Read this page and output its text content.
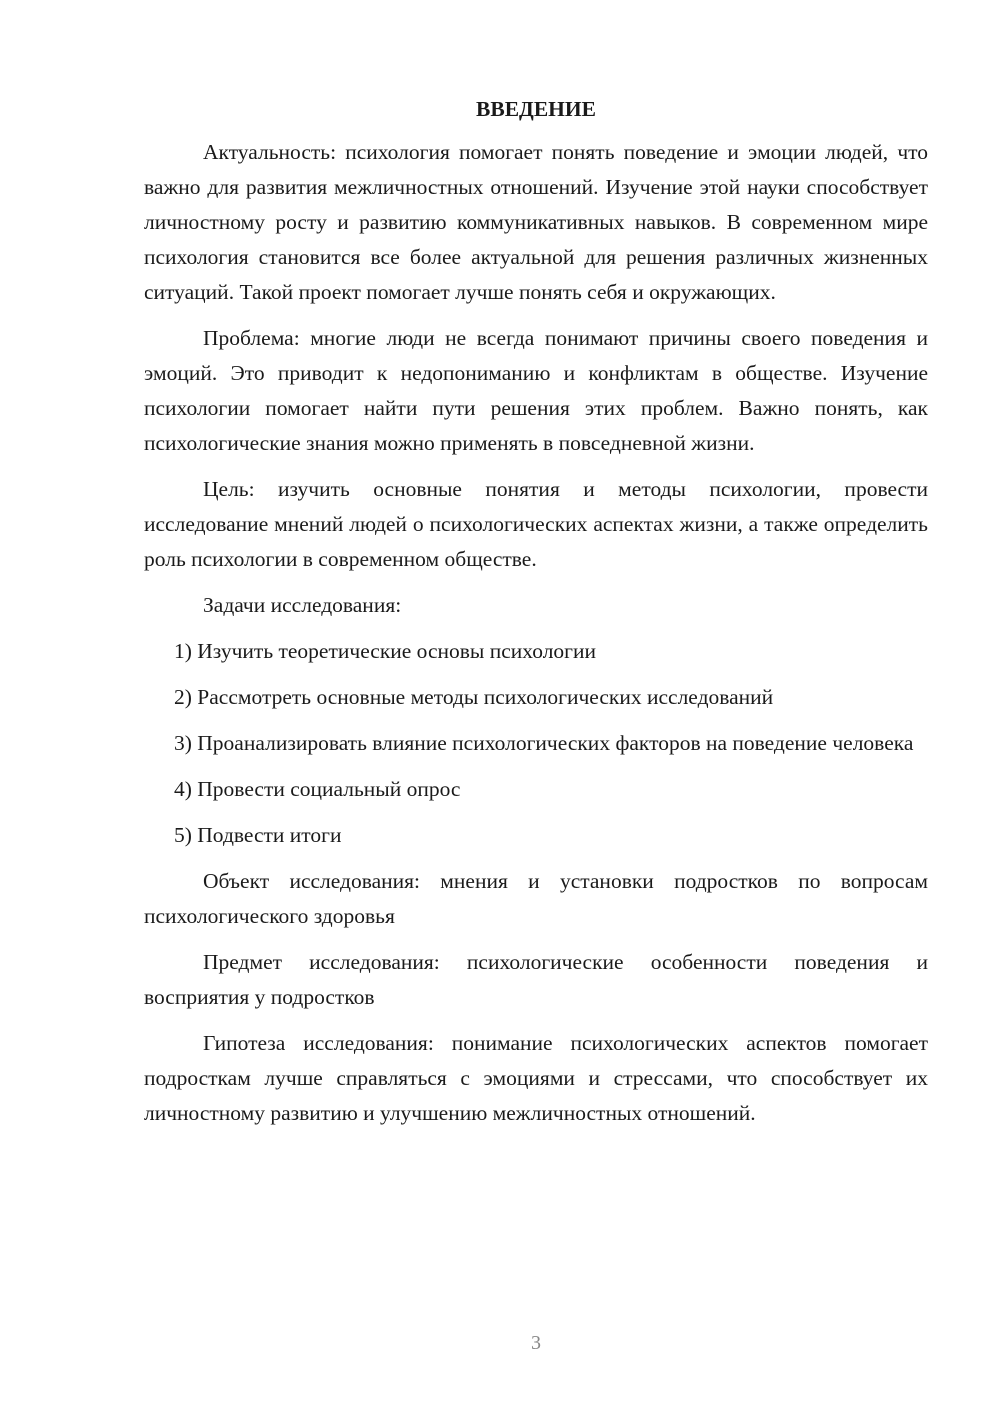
ВВЕДЕНИЕ

Актуальность: психология помогает понять поведение и эмоции людей, что важно для развития межличностных отношений. Изучение этой науки способствует личностному росту и развитию коммуникативных навыков. В современном мире психология становится все более актуальной для решения различных жизненных ситуаций. Такой проект помогает лучше понять себя и окружающих.

Проблема: многие люди не всегда понимают причины своего поведения и эмоций. Это приводит к недопониманию и конфликтам в обществе. Изучение психологии помогает найти пути решения этих проблем. Важно понять, как психологические знания можно применять в повседневной жизни.

Цель: изучить основные понятия и методы психологии, провести исследование мнений людей о психологических аспектах жизни, а также определить роль психологии в современном обществе.

Задачи исследования:

1) Изучить теоретические основы психологии

2) Рассмотреть основные методы психологических исследований

3) Проанализировать влияние психологических факторов на поведение человека

4) Провести социальный опрос

5) Подвести итоги

Объект исследования: мнения и установки подростков по вопросам психологического здоровья

Предмет исследования: психологические особенности поведения и восприятия у подростков

Гипотеза исследования: понимание психологических аспектов помогает подросткам лучше справляться с эмоциями и стрессами, что способствует их личностному развитию и улучшению межличностных отношений.

3
